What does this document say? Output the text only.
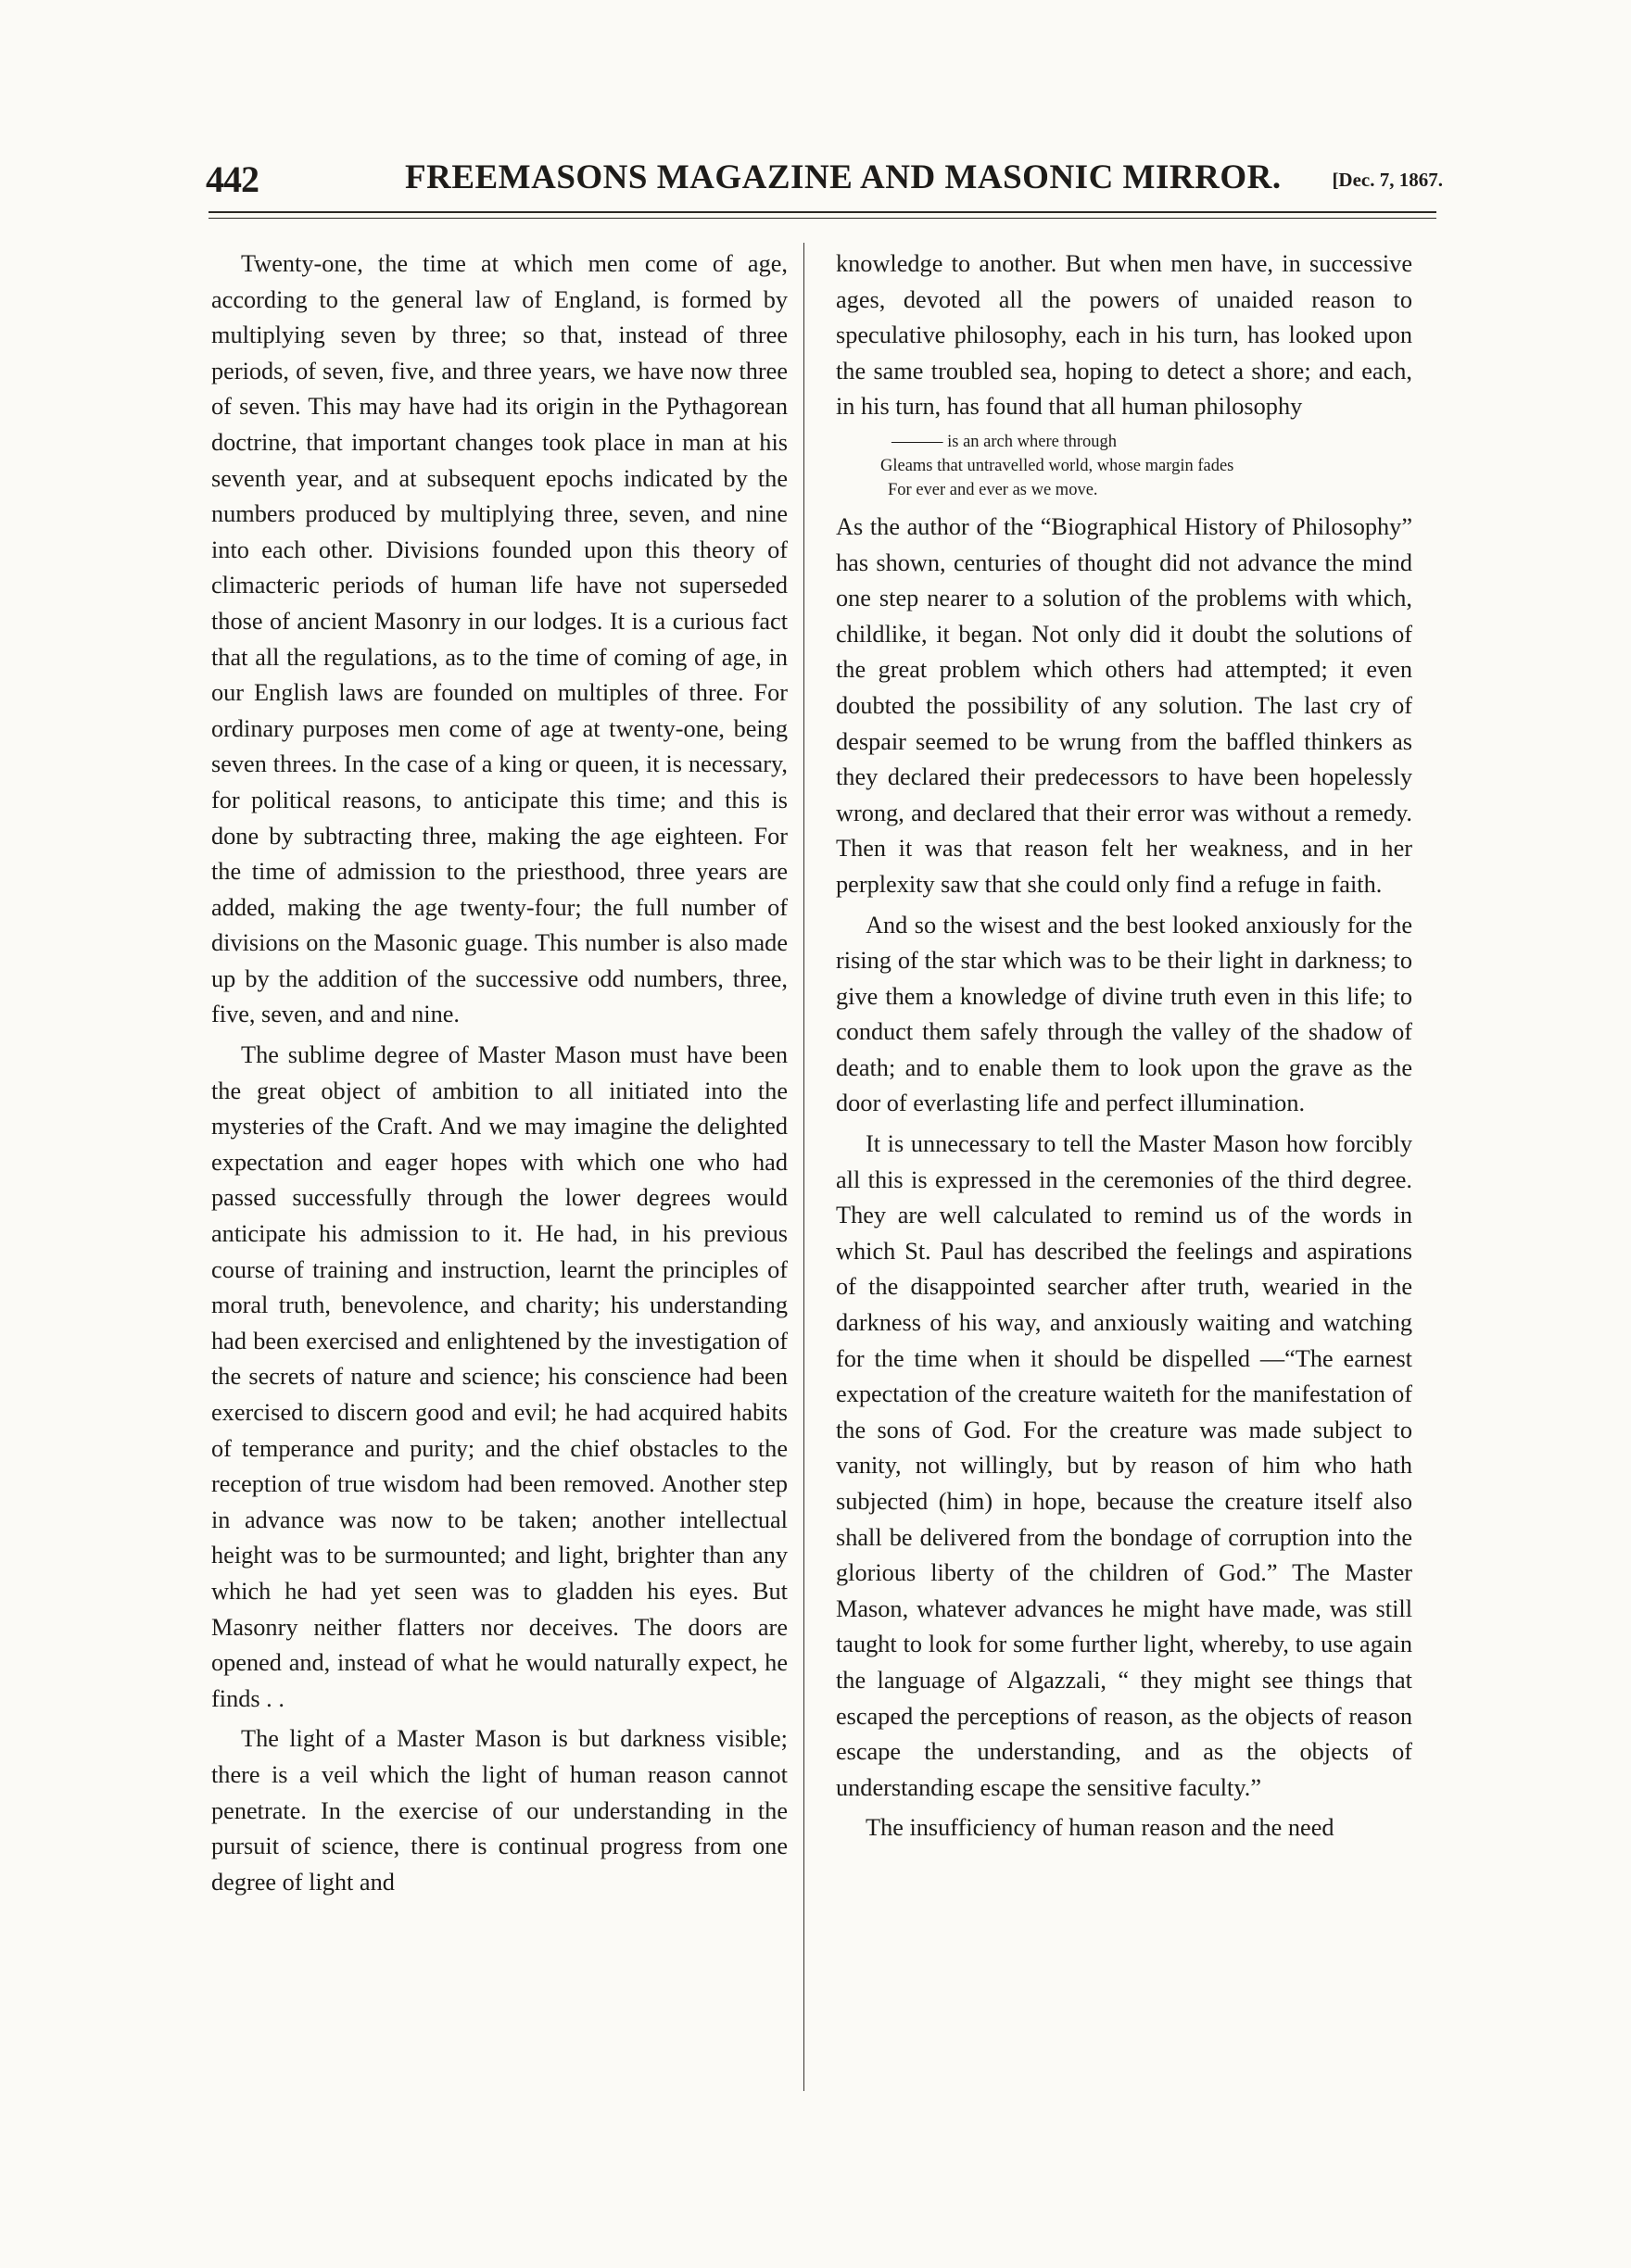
442	FREEMASONS MAGAZINE AND MASONIC MIRROR.	[Dec. 7, 1867.

Twenty-one, the time at which men come of age, according to the general law of England, is formed by multiplying seven by three; so that, instead of three periods, of seven, five, and three years, we have now three of seven. This may have had its origin in the Pythagorean doctrine, that important changes took place in man at his seventh year, and at subsequent epochs indicated by the numbers produced by multiplying three, seven, and nine into each other. Divisions founded upon this theory of climacteric periods of human life have not superseded those of ancient Masonry in our lodges. It is a curious fact that all the regulations, as to the time of coming of age, in our English laws are founded on multiples of three. For ordinary purposes men come of age at twenty-one, being seven threes. In the case of a king or queen, it is necessary, for political reasons, to anticipate this time; and this is done by subtracting three, making the age eighteen. For the time of admission to the priesthood, three years are added, making the age twenty-four; the full number of divisions on the Masonic guage. This number is also made up by the addition of the successive odd numbers, three, five, seven, and and nine.

The sublime degree of Master Mason must have been the great object of ambition to all initiated into the mysteries of the Craft. And we may imagine the delighted expectation and eager hopes with which one who had passed successfully through the lower degrees would anticipate his admission to it. He had, in his previous course of training and instruction, learnt the principles of moral truth, benevolence, and charity; his understanding had been exercised and enlightened by the investigation of the secrets of nature and science; his conscience had been exercised to discern good and evil; he had acquired habits of temperance and purity; and the chief obstacles to the reception of true wisdom had been removed. Another step in advance was now to be taken; another intellectual height was to be surmounted; and light, brighter than any which he had yet seen was to gladden his eyes. But Masonry neither flatters nor deceives. The doors are opened and, instead of what he would naturally expect, he finds . .

The light of a Master Mason is but darkness visible; there is a veil which the light of human reason cannot penetrate. In the exercise of our understanding in the pursuit of science, there is continual progress from one degree of light and

knowledge to another. But when men have, in successive ages, devoted all the powers of unaided reason to speculative philosophy, each in his turn, has looked upon the same troubled sea, hoping to detect a shore; and each, in his turn, has found that all human philosophy

——— is an arch where through
Gleams that untravelled world, whose margin fades
For ever and ever as we move.

As the author of the “Biographical History of Philosophy” has shown, centuries of thought did not advance the mind one step nearer to a solution of the problems with which, childlike, it began. Not only did it doubt the solutions of the great problem which others had attempted; it even doubted the possibility of any solution. The last cry of despair seemed to be wrung from the baffled thinkers as they declared their predecessors to have been hopelessly wrong, and declared that their error was without a remedy. Then it was that reason felt her weakness, and in her perplexity saw that she could only find a refuge in faith.

And so the wisest and the best looked anxiously for the rising of the star which was to be their light in darkness; to give them a knowledge of divine truth even in this life; to conduct them safely through the valley of the shadow of death; and to enable them to look upon the grave as the door of everlasting life and perfect illumination.

It is unnecessary to tell the Master Mason how forcibly all this is expressed in the ceremonies of the third degree. They are well calculated to remind us of the words in which St. Paul has described the feelings and aspirations of the disappointed searcher after truth, wearied in the darkness of his way, and anxiously waiting and watching for the time when it should be dispelled —“The earnest expectation of the creature waiteth for the manifestation of the sons of God. For the creature was made subject to vanity, not willingly, but by reason of him who hath subjected (him) in hope, because the creature itself also shall be delivered from the bondage of corruption into the glorious liberty of the children of God.” The Master Mason, whatever advances he might have made, was still taught to look for some further light, whereby, to use again the language of Algazzali, “ they might see things that escaped the perceptions of reason, as the objects of reason escape the understanding, and as the objects of understanding escape the sensitive faculty.”

The insufficiency of human reason and the need
